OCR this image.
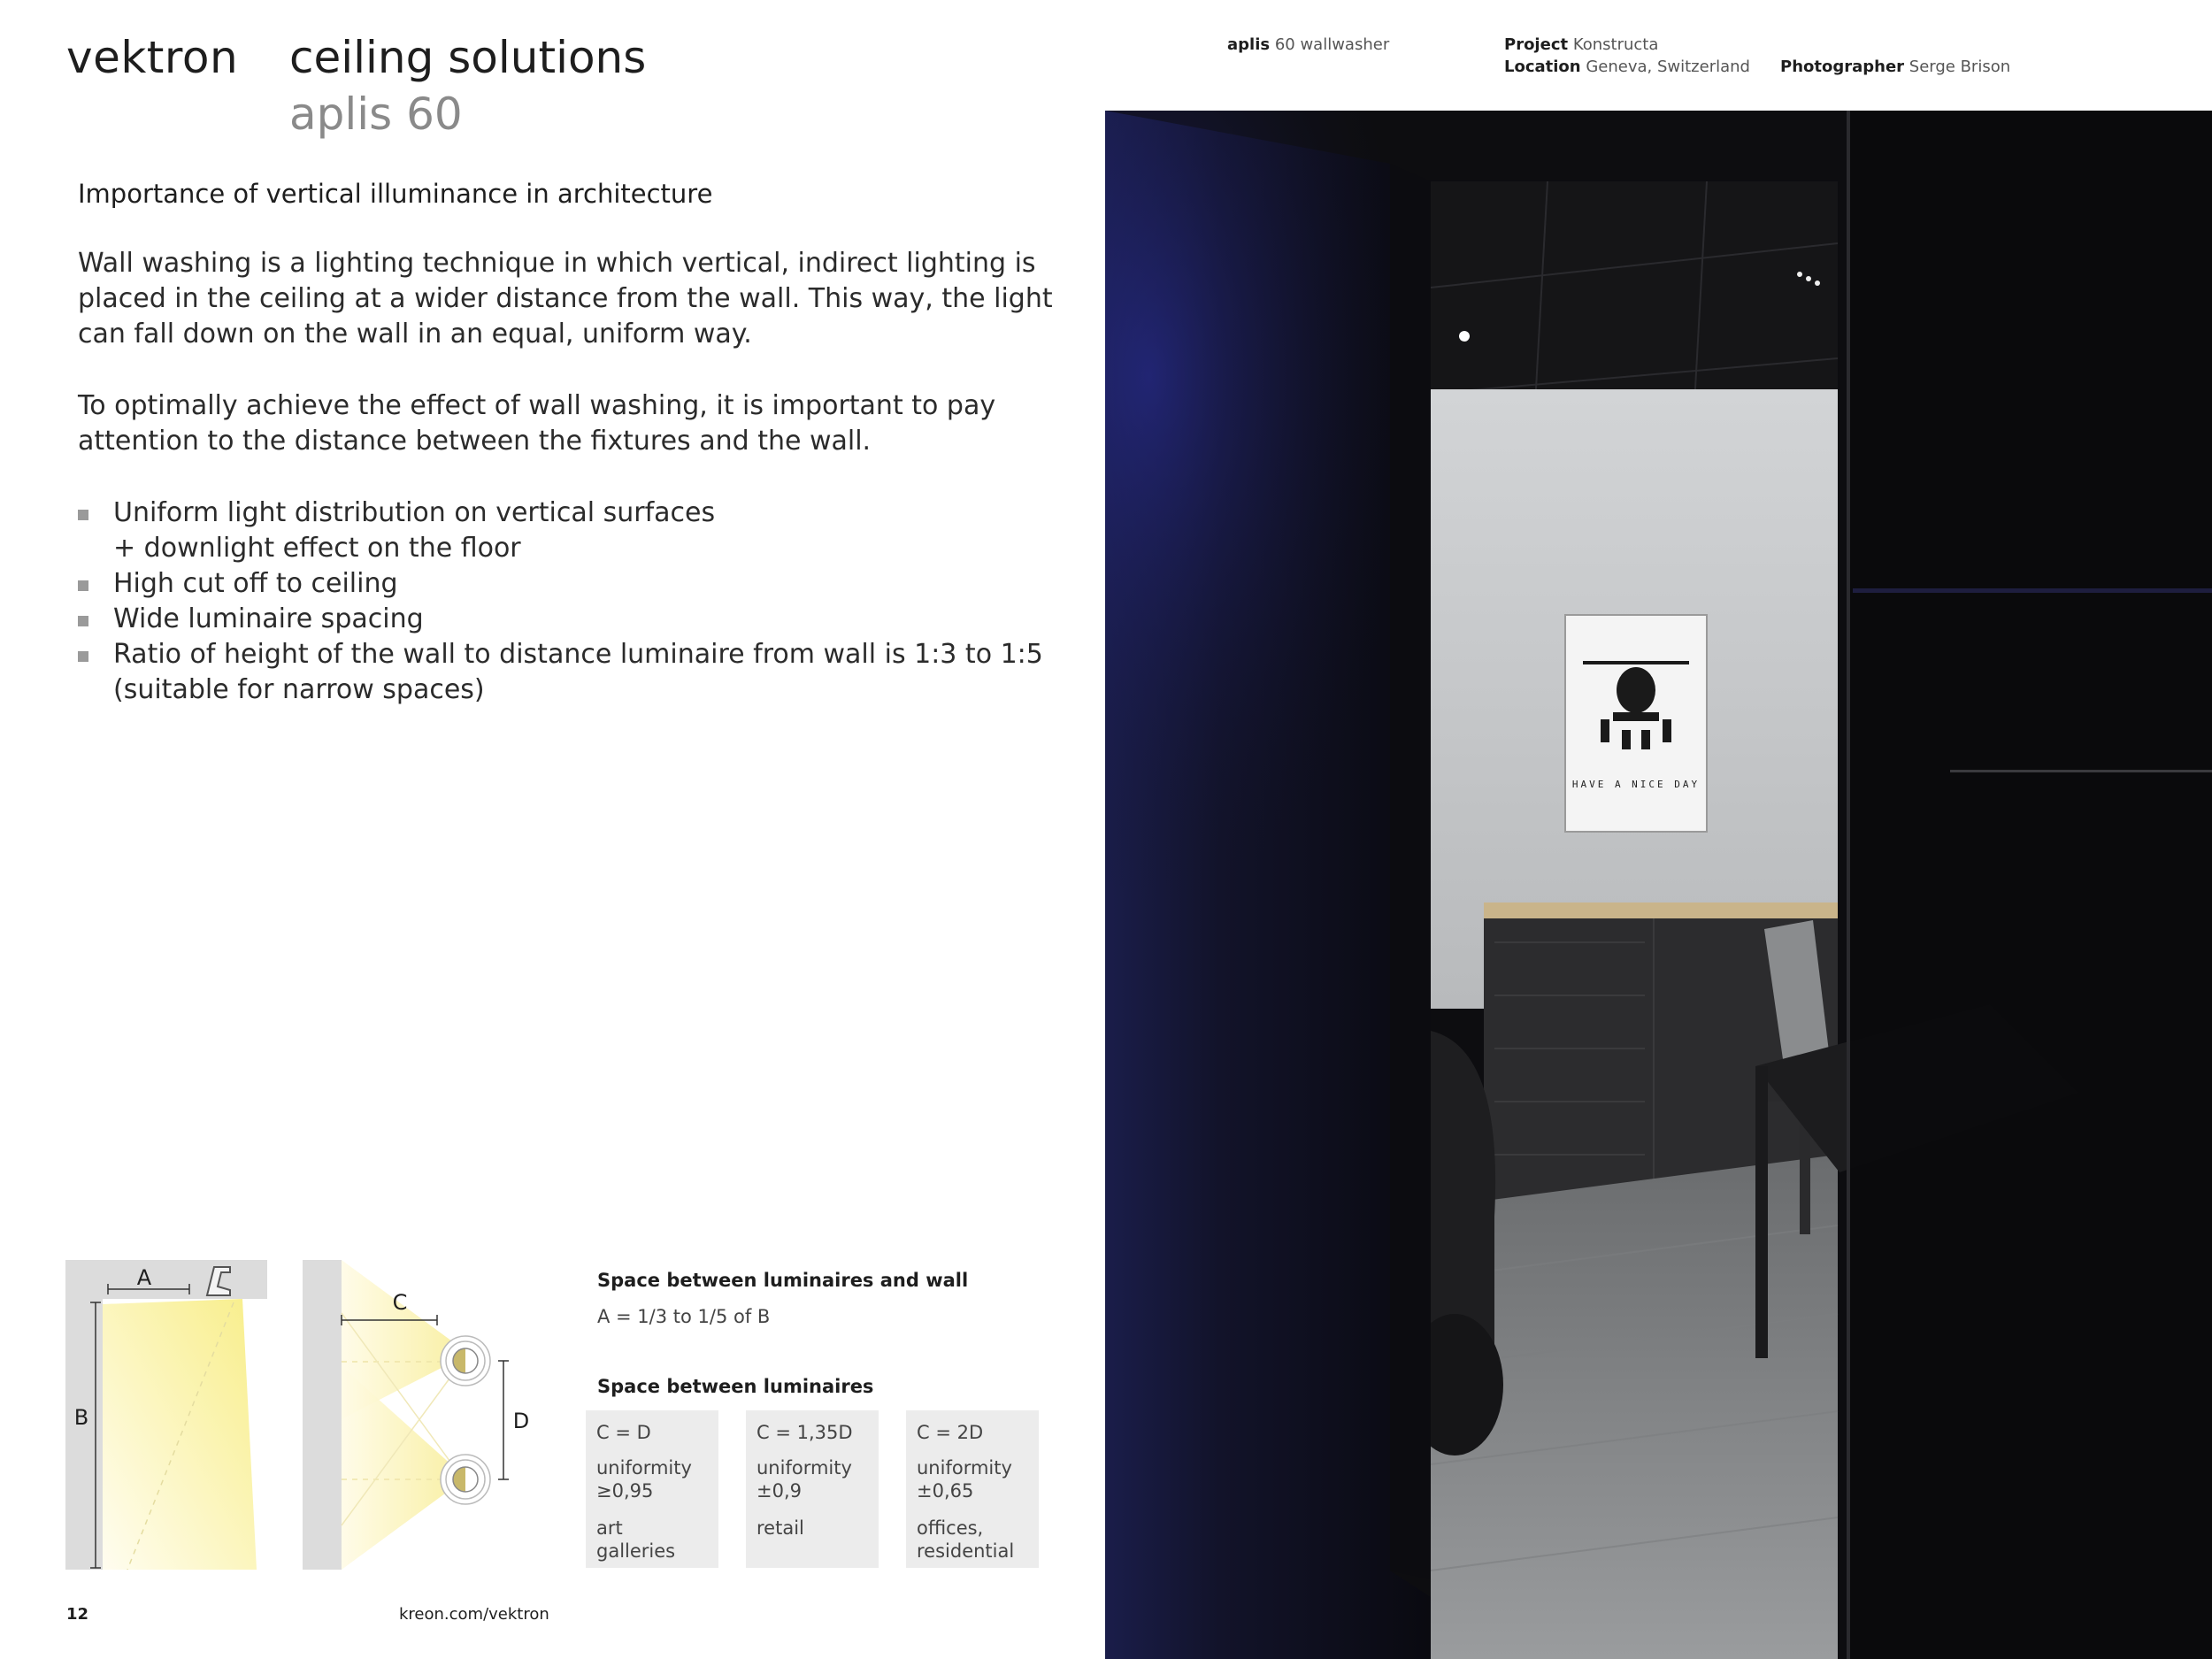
vektron ceiling solutions
aplis 60
aplis 60 wallwasher	Project Konstructa
Location Geneva, Switzerland Photographer Serge Brison
Importance of vertical illuminance in architecture

Wall washing is a lighting technique in which vertical, indirect lighting is placed in the ceiling at a wider distance from the wall. This way, the light can fall down on the wall in an equal, uniform way.

To optimally achieve the effect of wall washing, it is important to pay attention to the distance between the fixtures and the wall.

Uniform light distribution on vertical surfaces
+ downlight effect on the floor
High cut off to ceiling
Wide luminaire spacing
Ratio of height of the wall to distance luminaire from wall is 1:3 to 1:5
(suitable for narrow spaces)
A
B
C
D
Space between luminaires and wall
A = 1/3 to 1/5 of B
Space between luminaires
C = D
uniformity
≥0,95
art
galleries
C = 1,35D
uniformity
±0,9
retail
C = 2D
uniformity
±0,65
offices,
residential
12	kreon.com/vektron
HAVE A NICE DAY
